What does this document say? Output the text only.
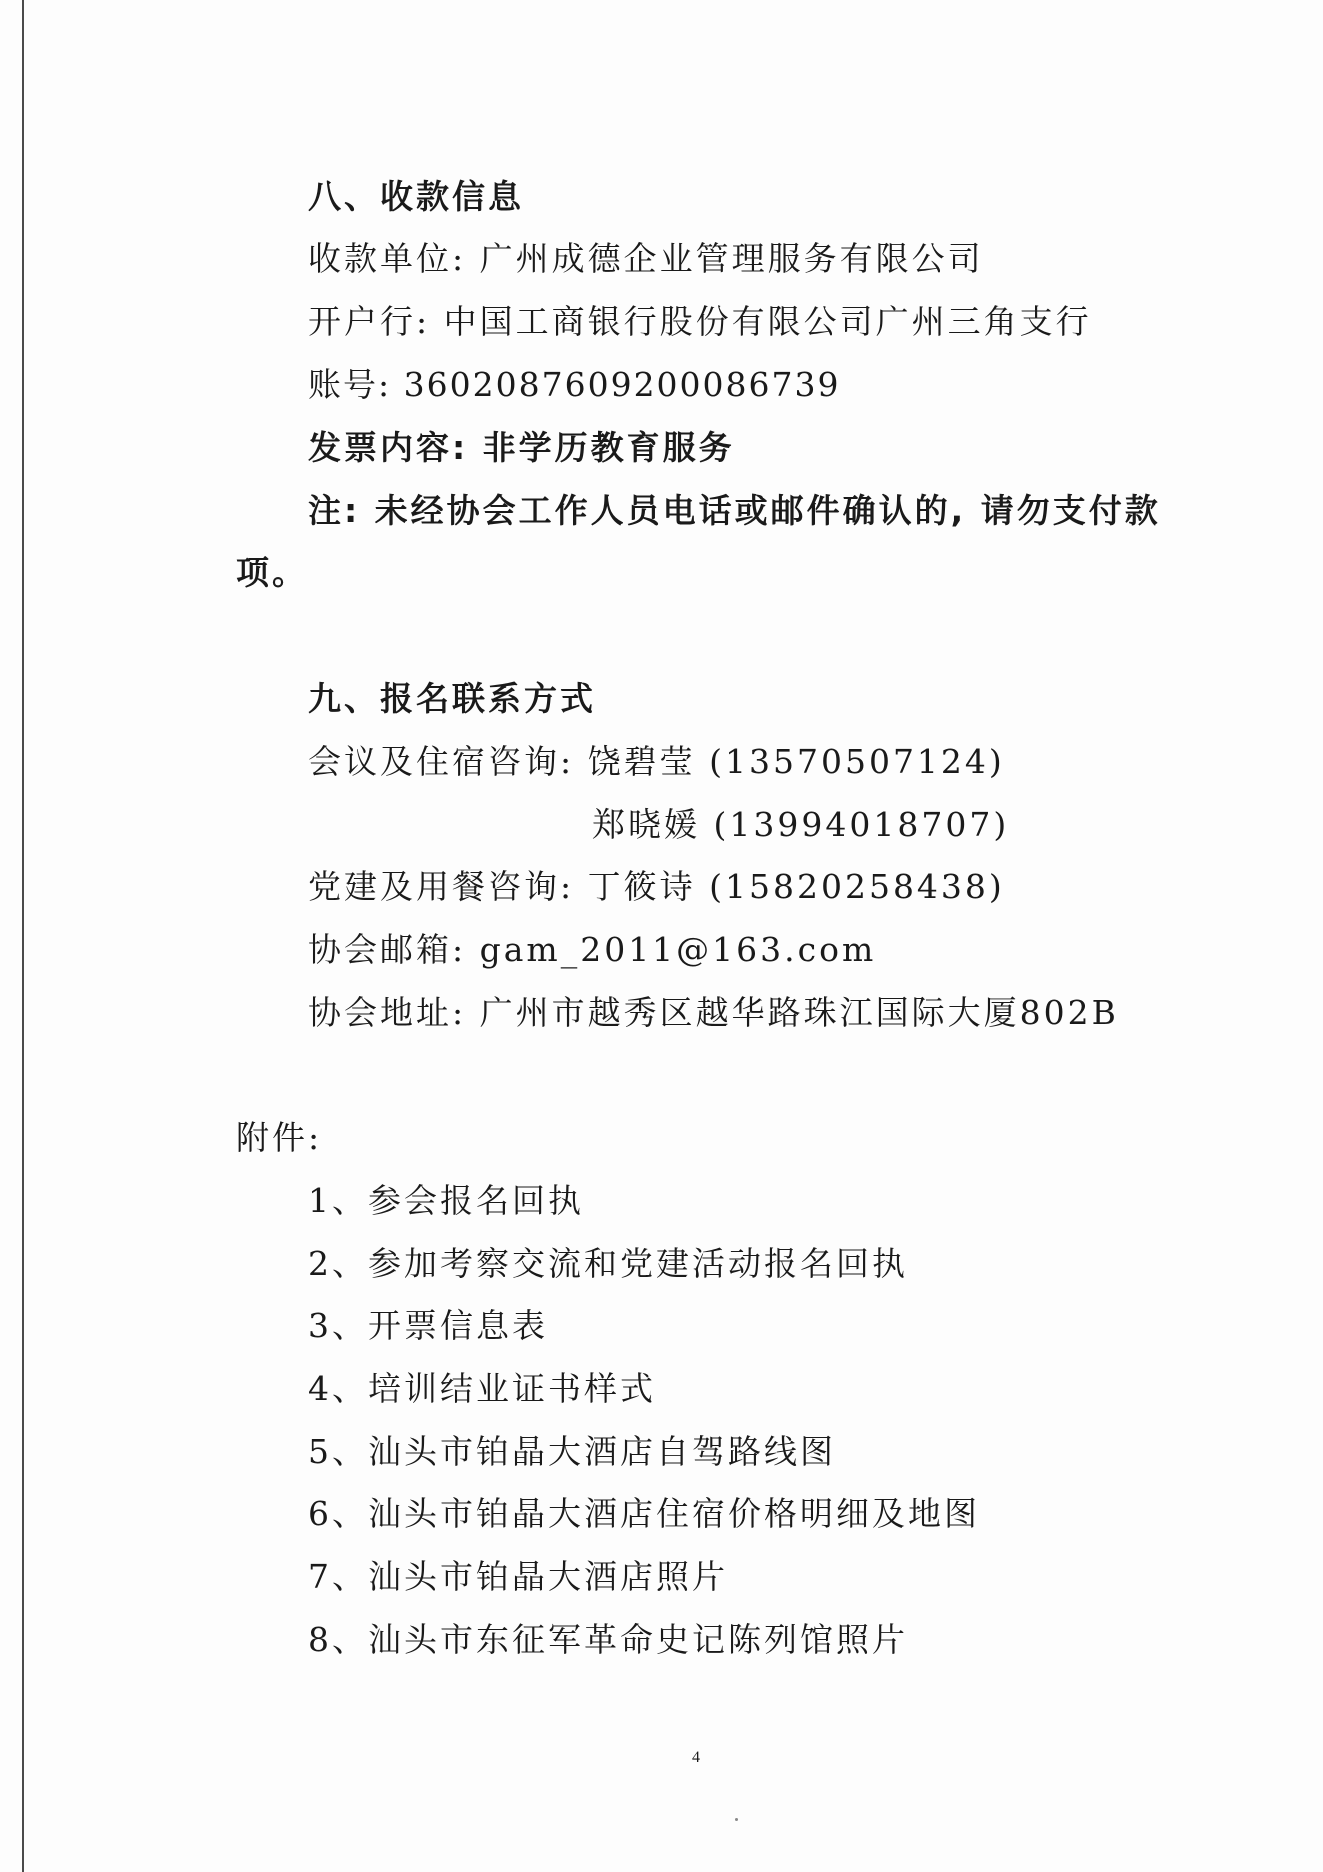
八、收款信息
收款单位: 广州成德企业管理服务有限公司
开户行: 中国工商银行股份有限公司广州三角支行
账号: 3602087609200086739
发票内容: 非学历教育服务
注: 未经协会工作人员电话或邮件确认的, 请勿支付款
项。
九、报名联系方式
会议及住宿咨询: 饶碧莹 (13570507124)
郑晓媛 (13994018707)
党建及用餐咨询: 丁筱诗 (15820258438)
协会邮箱: gam_2011@163.com
协会地址: 广州市越秀区越华路珠江国际大厦802B
附件:
1、参会报名回执
2、参加考察交流和党建活动报名回执
3、开票信息表
4、培训结业证书样式
5、汕头市铂晶大酒店自驾路线图
6、汕头市铂晶大酒店住宿价格明细及地图
7、汕头市铂晶大酒店照片
8、汕头市东征军革命史记陈列馆照片
4
